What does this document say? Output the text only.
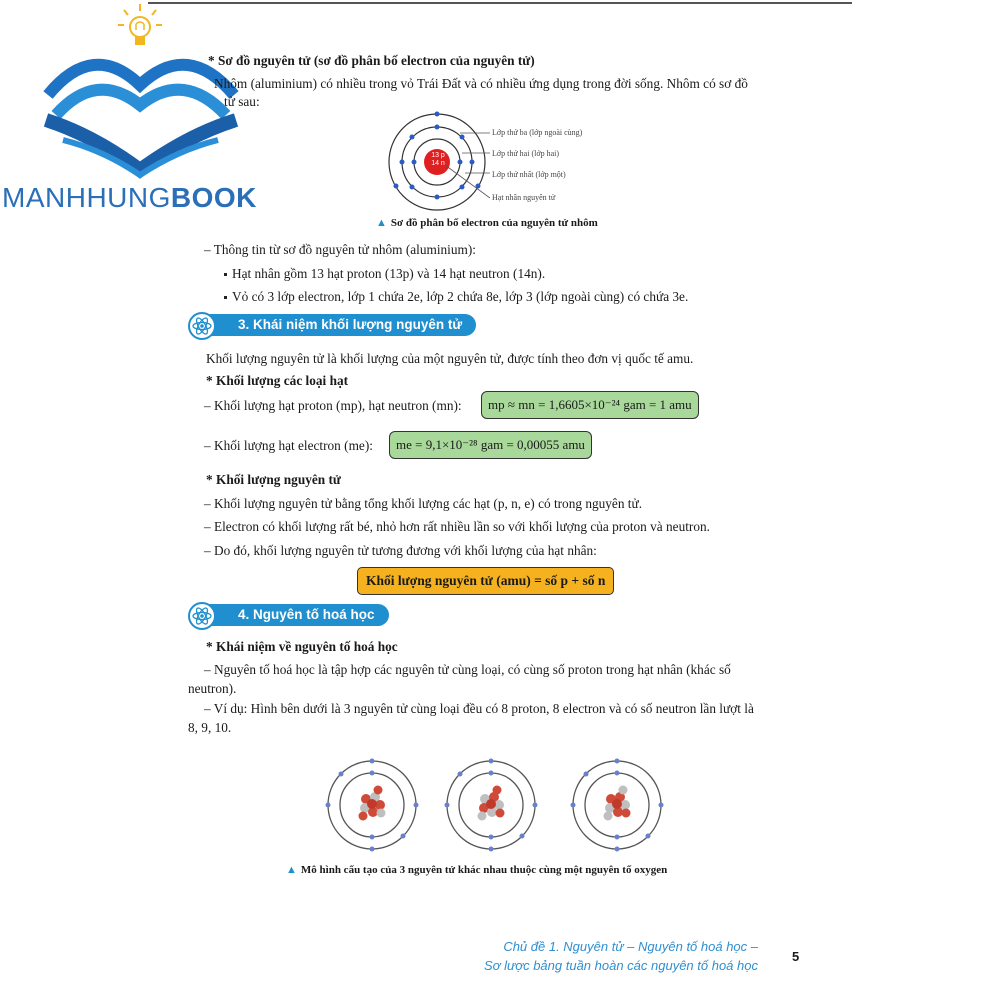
MANHHUNGBOOK
* Sơ đồ nguyên tử (sơ đồ phân bố electron của nguyên tử)
Nhôm (aluminium) có nhiều trong vỏ Trái Đất và có nhiều ứng dụng trong đời sống. Nhôm có sơ đồ
tử sau:
13 p
14 n
Lớp thứ ba (lớp ngoài cùng)
Lớp thứ hai (lớp hai)
Lớp thứ nhất (lớp một)
Hạt nhân nguyên tử
▲ Sơ đồ phân bố electron của nguyên tử nhôm
– Thông tin từ sơ đồ nguyên tử nhôm (aluminium):
Hạt nhân gồm 13 hạt proton (13p) và 14 hạt neutron (14n).
Vỏ có 3 lớp electron, lớp 1 chứa 2e, lớp 2 chứa 8e, lớp 3 (lớp ngoài cùng) có chứa 3e.
3. Khái niệm khối lượng nguyên tử
Khối lượng nguyên tử là khối lượng của một nguyên tử, được tính theo đơn vị quốc tế amu.
* Khối lượng các loại hạt
– Khối lượng hạt proton (mp), hạt neutron (mn):	mp ≈ mn = 1,6605×10⁻²⁴ gam = 1 amu
– Khối lượng hạt electron (me):	me = 9,1×10⁻²⁸ gam = 0,00055 amu
* Khối lượng nguyên tử
– Khối lượng nguyên tử bằng tổng khối lượng các hạt (p, n, e) có trong nguyên tử.
– Electron có khối lượng rất bé, nhỏ hơn rất nhiều lần so với khối lượng của proton và neutron.
– Do đó, khối lượng nguyên tử tương đương với khối lượng của hạt nhân:
Khối lượng nguyên tử (amu) = số p + số n
4. Nguyên tố hoá học
* Khái niệm về nguyên tố hoá học
– Nguyên tố hoá học là tập hợp các nguyên tử cùng loại, có cùng số proton trong hạt nhân (khác số
neutron).
– Ví dụ: Hình bên dưới là 3 nguyên tử cùng loại đều có 8 proton, 8 electron và có số neutron lần lượt là
8, 9, 10.
▲ Mô hình cấu tạo của 3 nguyên tử khác nhau thuộc cùng một nguyên tố oxygen
Chủ đề 1. Nguyên tử – Nguyên tố hoá học –
Sơ lược bảng tuần hoàn các nguyên tố hoá học
5
